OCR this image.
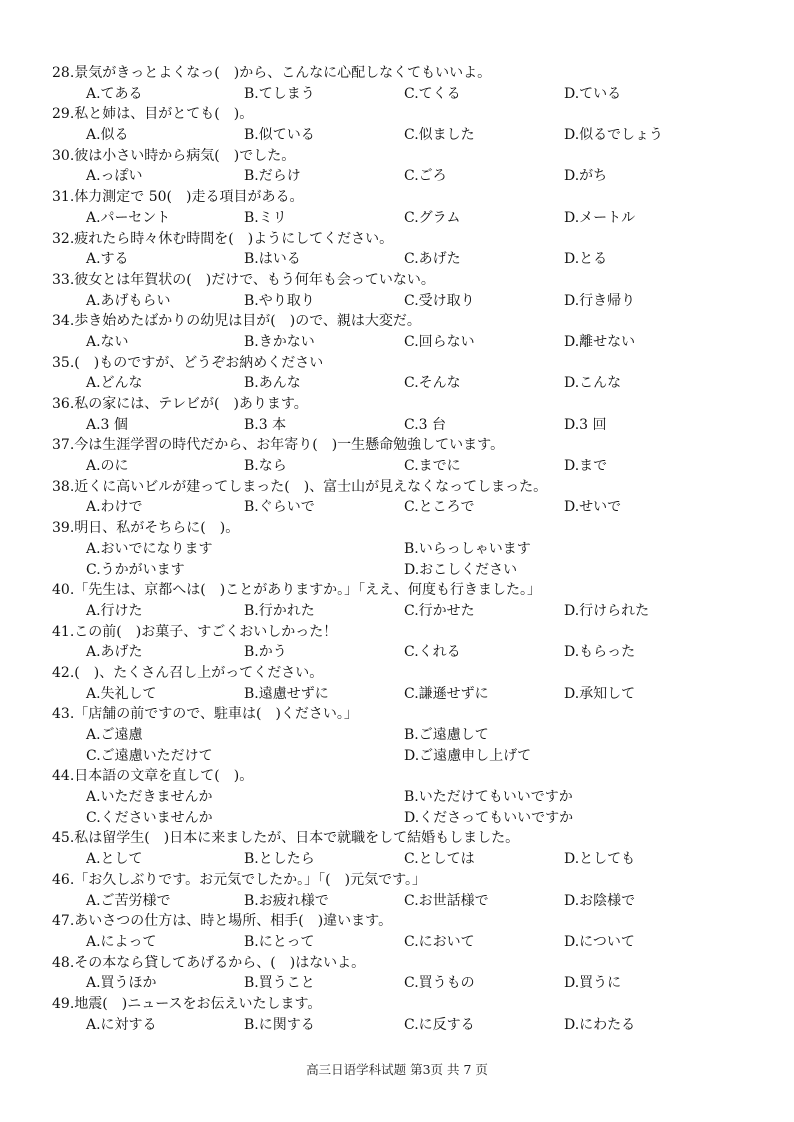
28.景気がきっとよくなっ(　)から、こんなに心配しなくてもいいよ。
A.てある	B.てしまう	C.てくる	D.ている
29.私と姉は、目がとても(　)。
A.似る	B.似ている	C.似ました	D.似るでしょう
30.彼は小さい時から病気(　)でした。
A.っぽい	B.だらけ	C.ごろ	D.がち
31.体力測定で 50(　)走る項目がある。
A.パーセント	B.ミリ	C.グラム	D.メートル
32.疲れたら時々休む時間を(　)ようにしてください。
A.する	B.はいる	C.あげた	D.とる
33.彼女とは年賀状の(　)だけで、もう何年も会っていない。
A.あげもらい	B.やり取り	C.受け取り	D.行き帰り
34.歩き始めたばかりの幼児は目が(　)ので、親は大変だ。
A.ない	B.きかない	C.回らない	D.離せない
35.(　)ものですが、どうぞお納めください
A.どんな	B.あんな	C.そんな	D.こんな
36.私の家には、テレビが(　)あります。
A.3 個	B.3 本	C.3 台	D.3 回
37.今は生涯学習の時代だから、お年寄り(　)一生懸命勉強しています。
A.のに	B.なら	C.までに	D.まで
38.近くに高いビルが建ってしまった(　)、富士山が見えなくなってしまった。
A.わけで	B.ぐらいで	C.ところで	D.せいで
39.明日、私がそちらに(　)。
A.おいでになります	B.いらっしゃいます
C.うかがいます	D.おこしください
40.「先生は、京都へは(　)ことがありますか。」「ええ、何度も行きました。」
A.行けた	B.行かれた	C.行かせた	D.行けられた
41.この前(　)お菓子、すごくおいしかった！
A.あげた	B.かう	C.くれる	D.もらった
42.(　)、たくさん召し上がってください。
A.失礼して	B.遠慮せずに	C.謙遜せずに	D.承知して
43.「店舗の前ですので、駐車は(　)ください。」
A.ご遠慮	B.ご遠慮して
C.ご遠慮いただけて	D.ご遠慮申し上げて
44.日本語の文章を直して(　)。
A.いただきませんか	B.いただけてもいいですか
C.くださいませんか	D.くださってもいいですか
45.私は留学生(　)日本に来ましたが、日本で就職をして結婚もしました。
A.として	B.としたら	C.としては	D.としても
46.「お久しぶりです。お元気でしたか。」「(　)元気です。」
A.ご苦労様で	B.お疲れ様で	C.お世話様で	D.お陰様で
47.あいさつの仕方は、時と場所、相手(　)違います。
A.によって	B.にとって	C.において	D.について
48.その本なら貸してあげるから、(　)はないよ。
A.買うほか	B.買うこと	C.買うもの	D.買うに
49.地震(　)ニュースをお伝えいたします。
A.に対する	B.に関する	C.に反する	D.にわたる
高三日语学科试题 第3页 共 7 页
